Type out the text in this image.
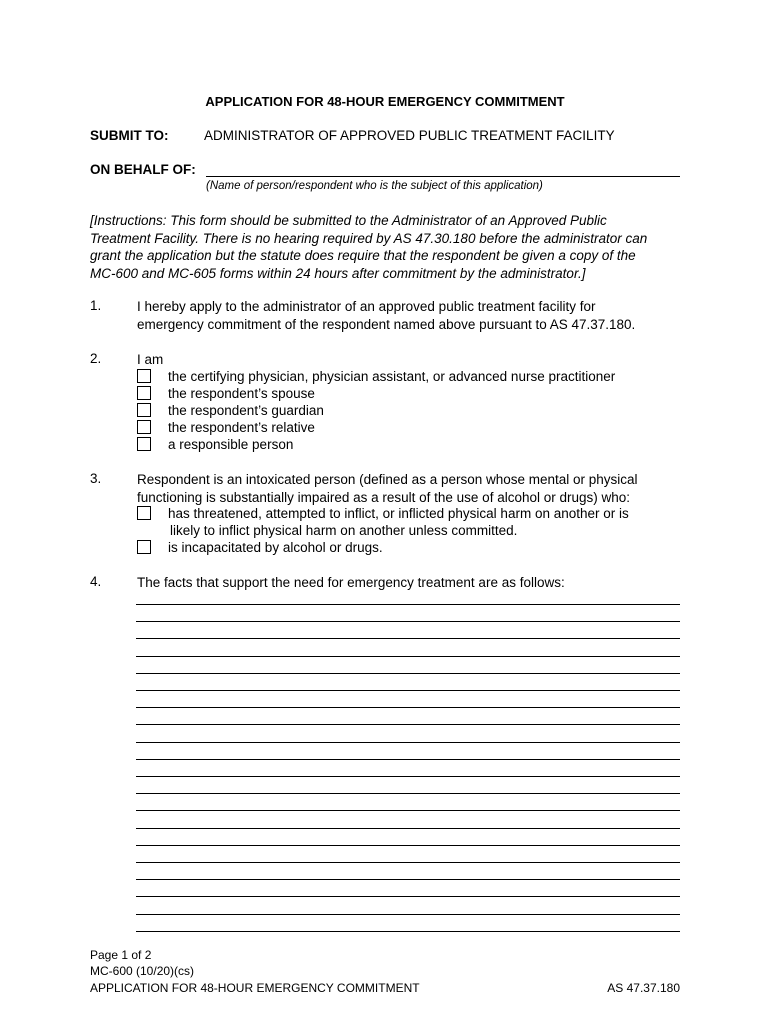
APPLICATION FOR 48-HOUR EMERGENCY COMMITMENT
SUBMIT TO:	ADMINISTRATOR OF APPROVED PUBLIC TREATMENT FACILITY
ON BEHALF OF:
(Name of person/respondent who is the subject of this application)
[Instructions: This form should be submitted to the Administrator of an Approved Public
Treatment Facility. There is no hearing required by AS 47.30.180 before the administrator can
grant the application but the statute does require that the respondent be given a copy of the
MC-600 and MC-605 forms within 24 hours after commitment by the administrator.]
1.	I hereby apply to the administrator of an approved public treatment facility for
emergency commitment of the respondent named above pursuant to AS 47.37.180.
2.	I am
the certifying physician, physician assistant, or advanced nurse practitioner
the respondent’s spouse
the respondent’s guardian
the respondent’s relative
a responsible person
3.	Respondent is an intoxicated person (defined as a person whose mental or physical
functioning is substantially impaired as a result of the use of alcohol or drugs) who:
has threatened, attempted to inflict, or inflicted physical harm on another or is
likely to inflict physical harm on another unless committed.
is incapacitated by alcohol or drugs.
4.	The facts that support the need for emergency treatment are as follows:
Page 1 of 2
MC-600 (10/20)(cs)
APPLICATION FOR 48-HOUR EMERGENCY COMMITMENT	AS 47.37.180
